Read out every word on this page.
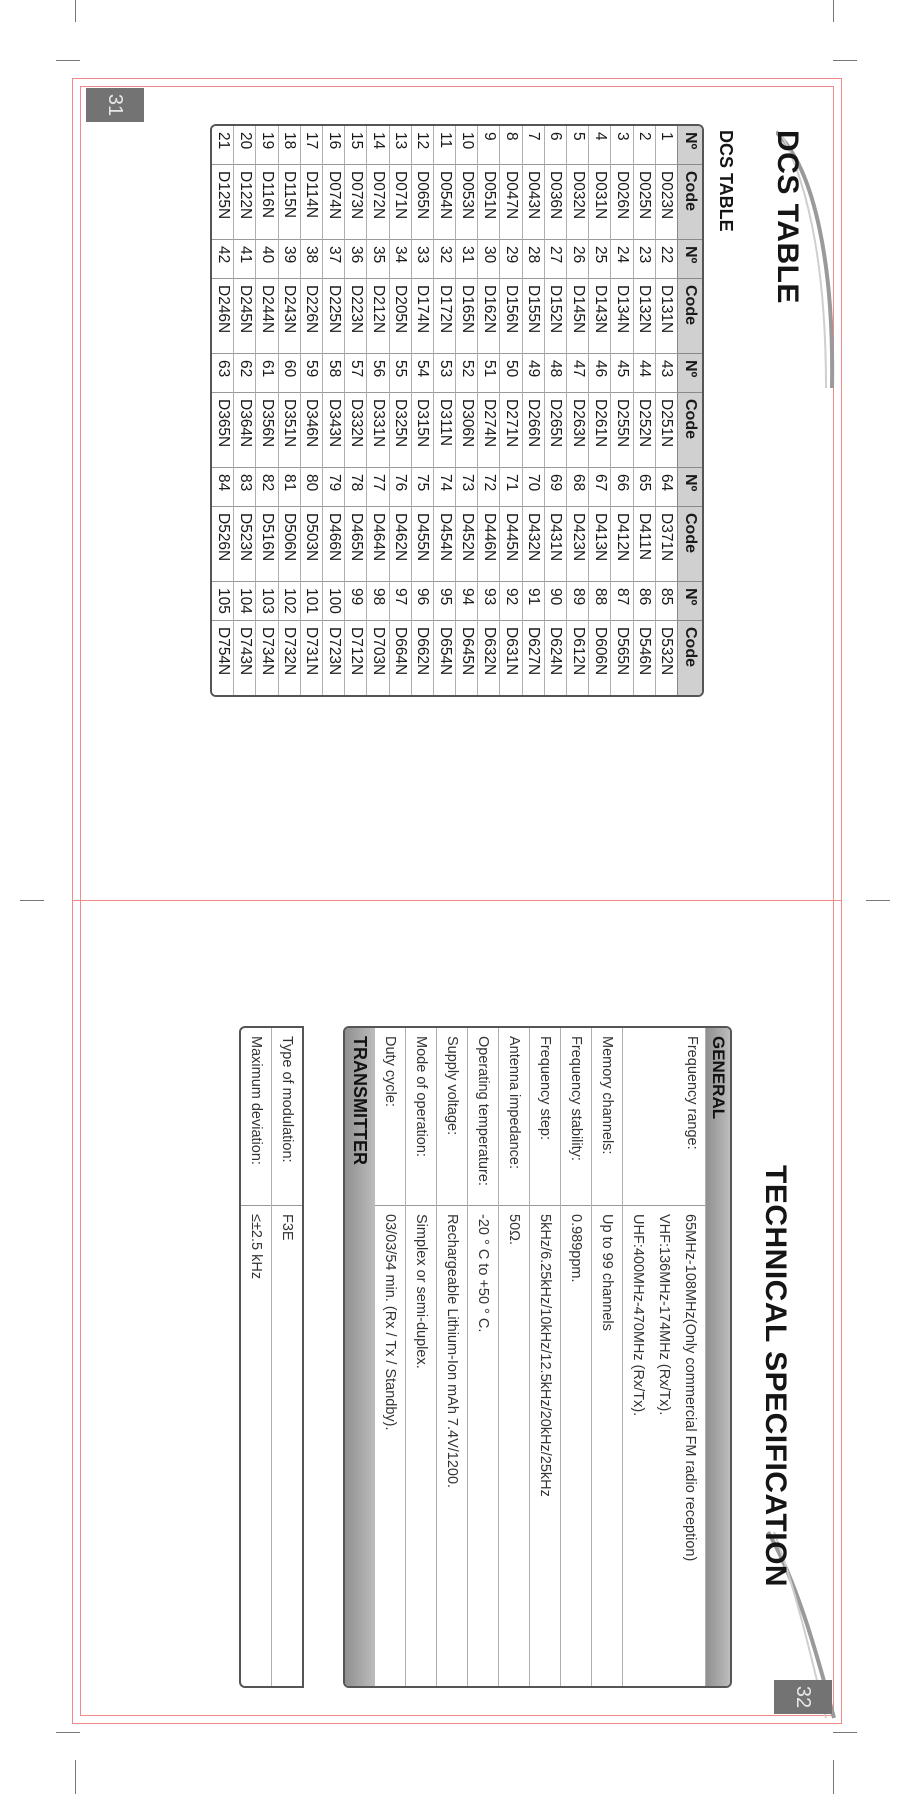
DCS TABLE
DCS TABLE
Nº	Code	Nº	Code	Nº	Code	Nº	Code	Nº	Code
1	D023N	22	D131N	43	D251N	64	D371N	85	D532N
2	D025N	23	D132N	44	D252N	65	D411N	86	D546N
3	D026N	24	D134N	45	D255N	66	D412N	87	D565N
4	D031N	25	D143N	46	D261N	67	D413N	88	D606N
5	D032N	26	D145N	47	D263N	68	D423N	89	D612N
6	D036N	27	D152N	48	D265N	69	D431N	90	D624N
7	D043N	28	D155N	49	D266N	70	D432N	91	D627N
8	D047N	29	D156N	50	D271N	71	D445N	92	D631N
9	D051N	30	D162N	51	D274N	72	D446N	93	D632N
10	D053N	31	D165N	52	D306N	73	D452N	94	D645N
11	D054N	32	D172N	53	D311N	74	D454N	95	D654N
12	D065N	33	D174N	54	D315N	75	D455N	96	D662N
13	D071N	34	D205N	55	D325N	76	D462N	97	D664N
14	D072N	35	D212N	56	D331N	77	D464N	98	D703N
15	D073N	36	D223N	57	D332N	78	D465N	99	D712N
16	D074N	37	D225N	58	D343N	79	D466N	100	D723N
17	D114N	38	D226N	59	D346N	80	D503N	101	D731N
18	D115N	39	D243N	60	D351N	81	D506N	102	D732N
19	D116N	40	D244N	61	D356N	82	D516N	103	D734N
20	D122N	41	D245N	62	D364N	83	D523N	104	D743N
21	D125N	42	D246N	63	D365N	84	D526N	105	D754N
31
TECHNICAL SPECIFICATION
GENERAL
Frequency range:
65MHz-108MHz(Only commercial FM radio reception)
VHF:136MHz-174MHz (Rx/Tx).
UHF:400MHz-470MHz (Rx/Tx).
Memory channels:
Up to 99 channels
Frequency stability:
0.989ppm.
Frequency step:
5kHz/6.25kHz/10kHz/12.5kHz/20kHz/25kHz
Antenna impedance:
50Ω.
Operating temperature:
-20 ° C to +50 ° C.
Supply voltage:
Rechargeable Lithium-Ion mAh 7.4V/1200.
Mode of operation:
Simplex or semi-duplex.
Duty cycle:
03/03/54 min. (Rx / Tx / Standby).
TRANSMITTER
Type of modulation:
F3E
Maximum deviation:
≤±2.5 kHz
32
